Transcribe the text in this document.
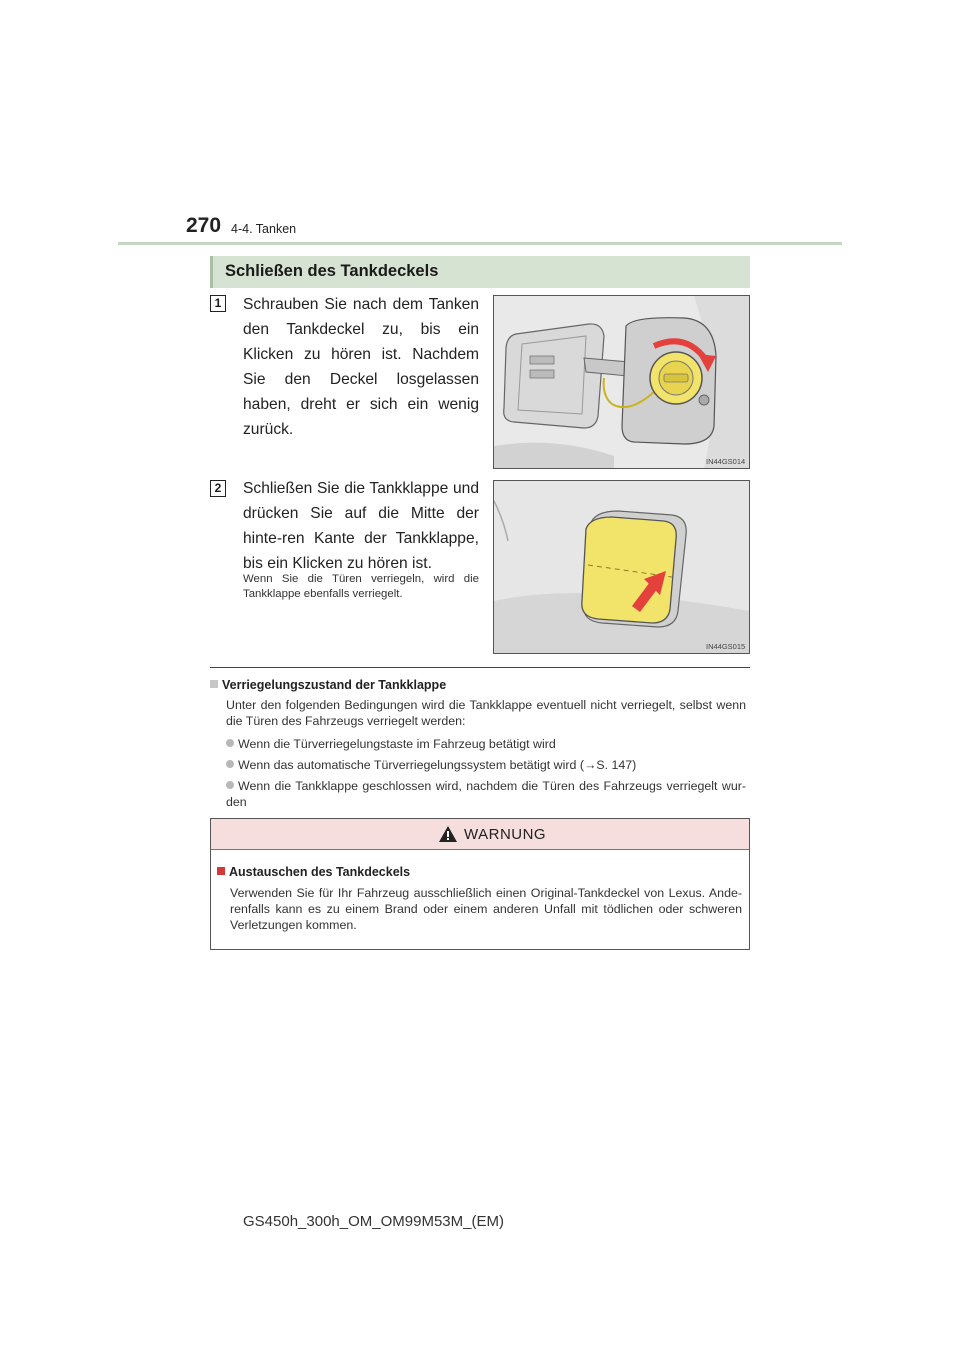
270 4-4. Tanken
Schließen des Tankdeckels
1 Schrauben Sie nach dem Tanken den Tankdeckel zu, bis ein Klicken zu hören ist. Nachdem Sie den Deckel losgelassen haben, dreht er sich ein wenig zurück.
IN44GS014
2 Schließen Sie die Tankklappe und drücken Sie auf die Mitte der hinte-ren Kante der Tankklappe, bis ein Klicken zu hören ist.
Wenn Sie die Türen verriegeln, wird die Tankklappe ebenfalls verriegelt.
IN44GS015
Verriegelungszustand der Tankklappe
Unter den folgenden Bedingungen wird die Tankklappe eventuell nicht verriegelt, selbst wenn die Türen des Fahrzeugs verriegelt werden:
Wenn die Türverriegelungstaste im Fahrzeug betätigt wird
Wenn das automatische Türverriegelungssystem betätigt wird (→S. 147)
Wenn die Tankklappe geschlossen wird, nachdem die Türen des Fahrzeugs verriegelt wur-den
WARNUNG
Austauschen des Tankdeckels
Verwenden Sie für Ihr Fahrzeug ausschließlich einen Original-Tankdeckel von Lexus. Ande-renfalls kann es zu einem Brand oder einem anderen Unfall mit tödlichen oder schweren Verletzungen kommen.
GS450h_300h_OM_OM99M53M_(EM)
